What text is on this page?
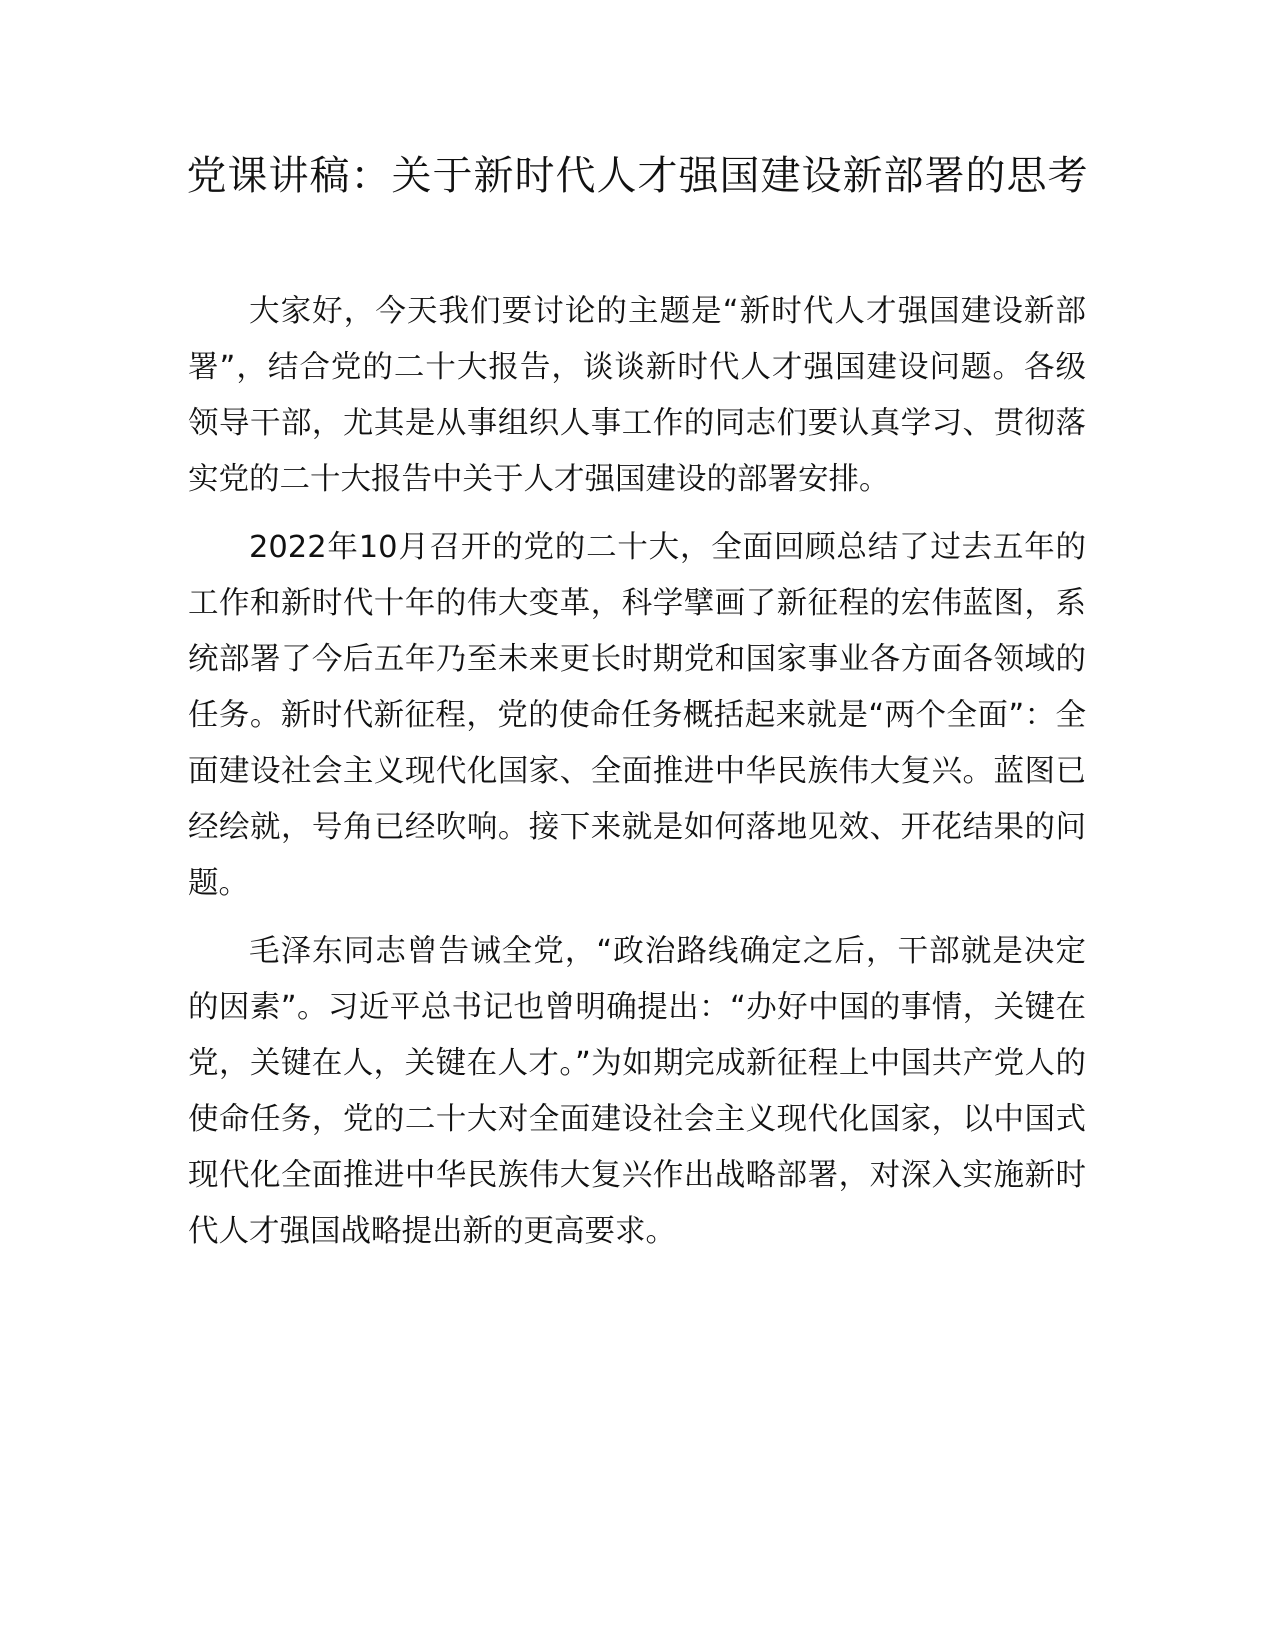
党课讲稿：关于新时代人才强国建设新部署的思考

大家好，今天我们要讨论的主题是“新时代人才强国建设新部署”，结合党的二十大报告，谈谈新时代人才强国建设问题。各级领导干部，尤其是从事组织人事工作的同志们要认真学习、贯彻落实党的二十大报告中关于人才强国建设的部署安排。

2022年10月召开的党的二十大，全面回顾总结了过去五年的工作和新时代十年的伟大变革，科学擘画了新征程的宏伟蓝图，系统部署了今后五年乃至未来更长时期党和国家事业各方面各领域的任务。新时代新征程，党的使命任务概括起来就是“两个全面”：全面建设社会主义现代化国家、全面推进中华民族伟大复兴。蓝图已经绘就，号角已经吹响。接下来就是如何落地见效、开花结果的问题。

毛泽东同志曾告诫全党，“政治路线确定之后，干部就是决定的因素”。习近平总书记也曾明确提出：“办好中国的事情，关键在党，关键在人，关键在人才。”为如期完成新征程上中国共产党人的使命任务，党的二十大对全面建设社会主义现代化国家，以中国式现代化全面推进中华民族伟大复兴作出战略部署，对深入实施新时代人才强国战略提出新的更高要求。
